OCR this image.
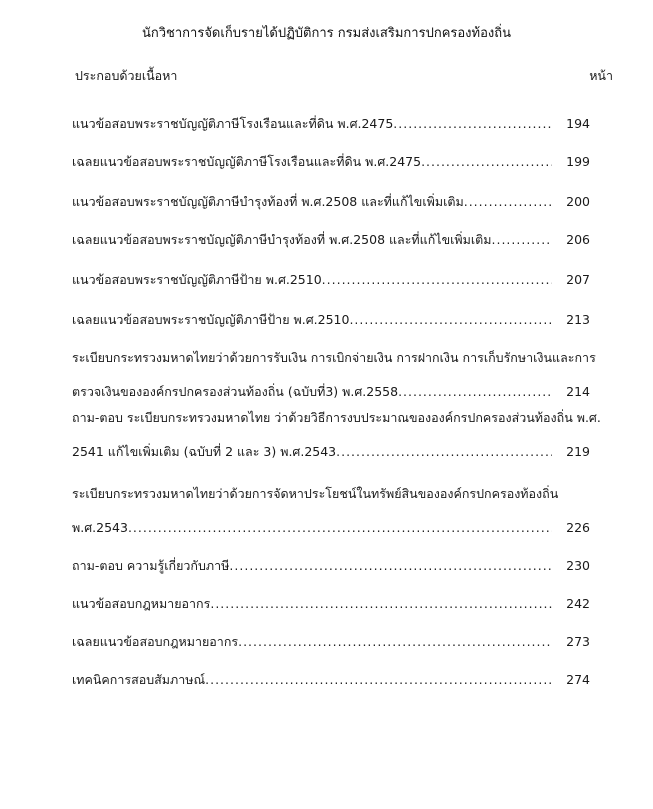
นักวิชาการจัดเก็บรายได้ปฏิบัติการ กรมส่งเสริมการปกครองท้องถิ่น
ประกอบด้วยเนื้อหา	หน้า
แนวข้อสอบพระราชบัญญัติภาษีโรงเรือนและที่ดิน พ.ศ.2475 .....	194
เฉลยแนวข้อสอบพระราชบัญญัติภาษีโรงเรือนและที่ดิน พ.ศ.2475 .....	199
แนวข้อสอบพระราชบัญญัติภาษีบำรุงท้องที่ พ.ศ.2508 และที่แก้ไขเพิ่มเติม .....	200
เฉลยแนวข้อสอบพระราชบัญญัติภาษีบำรุงท้องที่ พ.ศ.2508 และที่แก้ไขเพิ่มเติม .....	206
แนวข้อสอบพระราชบัญญัติภาษีป้าย พ.ศ.2510 .....	207
เฉลยแนวข้อสอบพระราชบัญญัติภาษีป้าย พ.ศ.2510 .....	213
ระเบียบกระทรวงมหาดไทยว่าด้วยการรับเงิน การเบิกจ่ายเงิน การฝากเงิน การเก็บรักษาเงินและการ
ตรวจเงินขององค์กรปกครองส่วนท้องถิ่น (ฉบับที่3) พ.ศ.2558 .....	214
ถาม-ตอบ ระเบียบกระทรวงมหาดไทย ว่าด้วยวิธีการงบประมาณขององค์กรปกครองส่วนท้องถิ่น พ.ศ.
2541 แก้ไขเพิ่มเติม (ฉบับที่ 2 และ 3) พ.ศ.2543 .....	219
ระเบียบกระทรวงมหาดไทยว่าด้วยการจัดหาประโยชน์ในทรัพย์สินขององค์กรปกครองท้องถิ่น
พ.ศ.2543 .....	226
ถาม-ตอบ ความรู้เกี่ยวกับภาษี .....	230
แนวข้อสอบกฎหมายอากร .....	242
เฉลยแนวข้อสอบกฎหมายอากร .....	273
เทคนิคการสอบสัมภาษณ์ .....	274
